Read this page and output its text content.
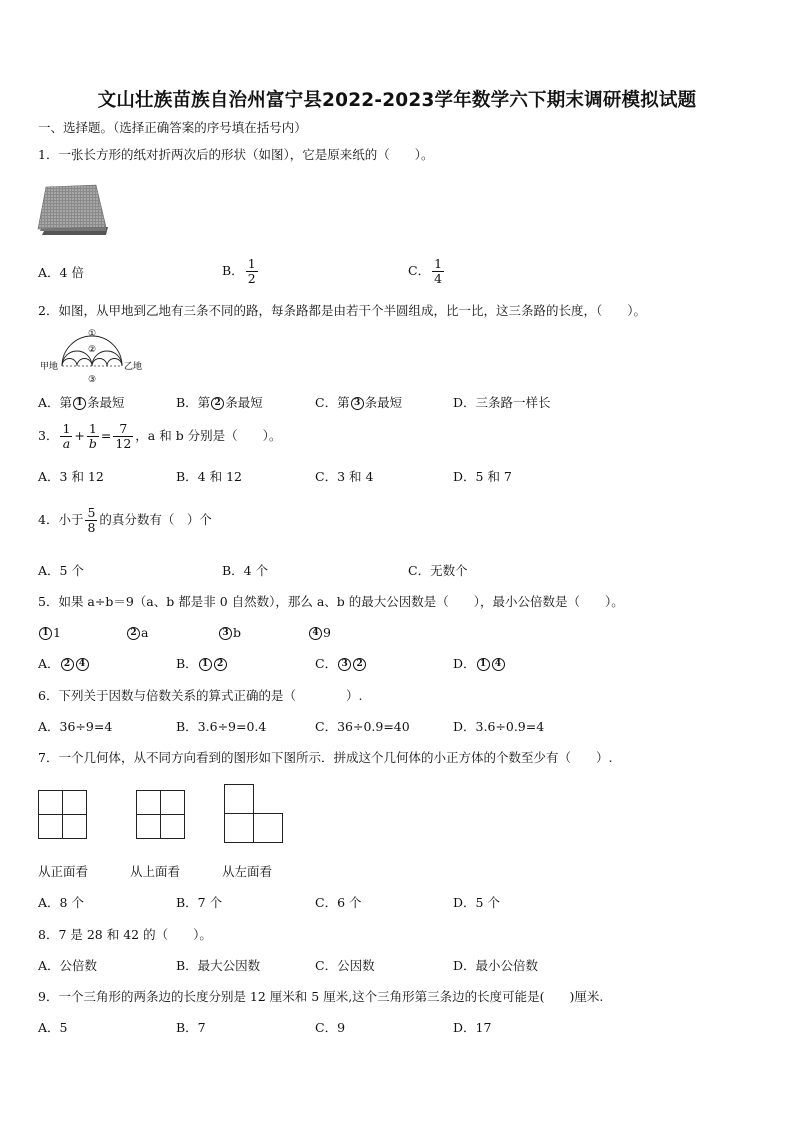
文山壮族苗族自治州富宁县2022-2023学年数学六下期末调研模拟试题
一、选择题。（选择正确答案的序号填在括号内）
1．一张长方形的纸对折两次后的形状（如图），它是原来纸的（　　）。
A．4 倍	B． $\frac{1}{2}$	C． $\frac{1}{4}$
2．如图，从甲地到乙地有三条不同的路，每条路都是由若干个半圆组成，比一比，这三条路的长度，（　　）。
①
②
③
甲地	乙地
A．第 1 条最短	B．第 2 条最短	C．第 3 条最短	D．三条路一样长
3． $\frac{1}{a} + \frac{1}{b} = \frac{7}{12}$ ，a 和 b 分别是（　　）。
A．3 和 12	B．4 和 12	C．3 和 4	D．5 和 7
4．小于 $\frac{5}{8}$ 的真分数有（　）个
A．5 个	B．4 个	C．无数个
5．如果 a÷b＝9（a、b 都是非 0 自然数），那么 a、b 的最大公因数是（　　），最小公倍数是（　　）。
1 1	2 a	3 b	4 9
A． 2 4	B． 1 2	C． 3 2	D． 1 4
6．下列关于因数与倍数关系的算式正确的是（　　　　）.
A．36÷9=4	B．3.6÷9=0.4	C．36÷0.9=40	D．3.6÷0.9=4
7．一个几何体，从不同方向看到的图形如下图所示．拼成这个几何体的小正方体的个数至少有（　　）.
从正面看	从上面看	从左面看
A．8 个	B．7 个	C．6 个	D．5 个
8．7 是 28 和 42 的（　　）。
A．公倍数	B．最大公因数	C．公因数	D．最小公倍数
9．一个三角形的两条边的长度分别是 12 厘米和 5 厘米,这个三角形第三条边的长度可能是(　　)厘米.
A．5	B．7	C．9	D．17
